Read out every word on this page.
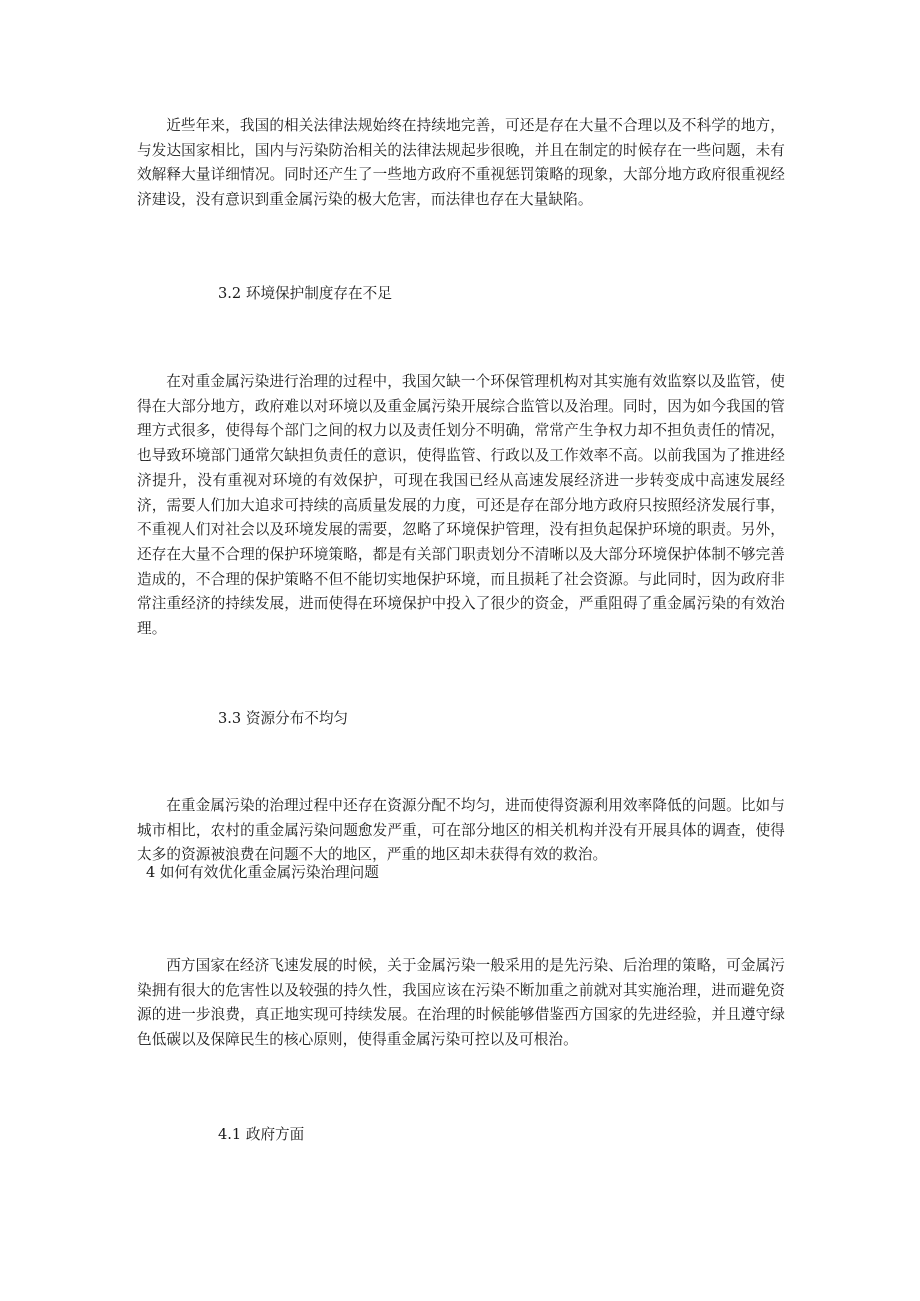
近些年来，我国的相关法律法规始终在持续地完善，可还是存在大量不合理以及不科学的地方，与发达国家相比，国内与污染防治相关的法律法规起步很晚，并且在制定的时候存在一些问题，未有效解释大量详细情况。同时还产生了一些地方政府不重视惩罚策略的现象，大部分地方政府很重视经济建设，没有意识到重金属污染的极大危害，而法律也存在大量缺陷。

3.2 环境保护制度存在不足

在对重金属污染进行治理的过程中，我国欠缺一个环保管理机构对其实施有效监察以及监管，使得在大部分地方，政府难以对环境以及重金属污染开展综合监管以及治理。同时，因为如今我国的管理方式很多，使得每个部门之间的权力以及责任划分不明确，常常产生争权力却不担负责任的情况，也导致环境部门通常欠缺担负责任的意识，使得监管、行政以及工作效率不高。以前我国为了推进经济提升，没有重视对环境的有效保护，可现在我国已经从高速发展经济进一步转变成中高速发展经济，需要人们加大追求可持续的高质量发展的力度，可还是存在部分地方政府只按照经济发展行事，不重视人们对社会以及环境发展的需要，忽略了环境保护管理，没有担负起保护环境的职责。另外，还存在大量不合理的保护环境策略，都是有关部门职责划分不清晰以及大部分环境保护体制不够完善造成的，不合理的保护策略不但不能切实地保护环境，而且损耗了社会资源。与此同时，因为政府非常注重经济的持续发展，进而使得在环境保护中投入了很少的资金，严重阻碍了重金属污染的有效治理。

3.3 资源分布不均匀

在重金属污染的治理过程中还存在资源分配不均匀，进而使得资源利用效率降低的问题。比如与城市相比，农村的重金属污染问题愈发严重，可在部分地区的相关机构并没有开展具体的调查，使得太多的资源被浪费在问题不大的地区，严重的地区却未获得有效的救治。

4 如何有效优化重金属污染治理问题

西方国家在经济飞速发展的时候，关于金属污染一般采用的是先污染、后治理的策略，可金属污染拥有很大的危害性以及较强的持久性，我国应该在污染不断加重之前就对其实施治理，进而避免资源的进一步浪费，真正地实现可持续发展。在治理的时候能够借鉴西方国家的先进经验，并且遵守绿色低碳以及保障民生的核心原则，使得重金属污染可控以及可根治。

4.1 政府方面
